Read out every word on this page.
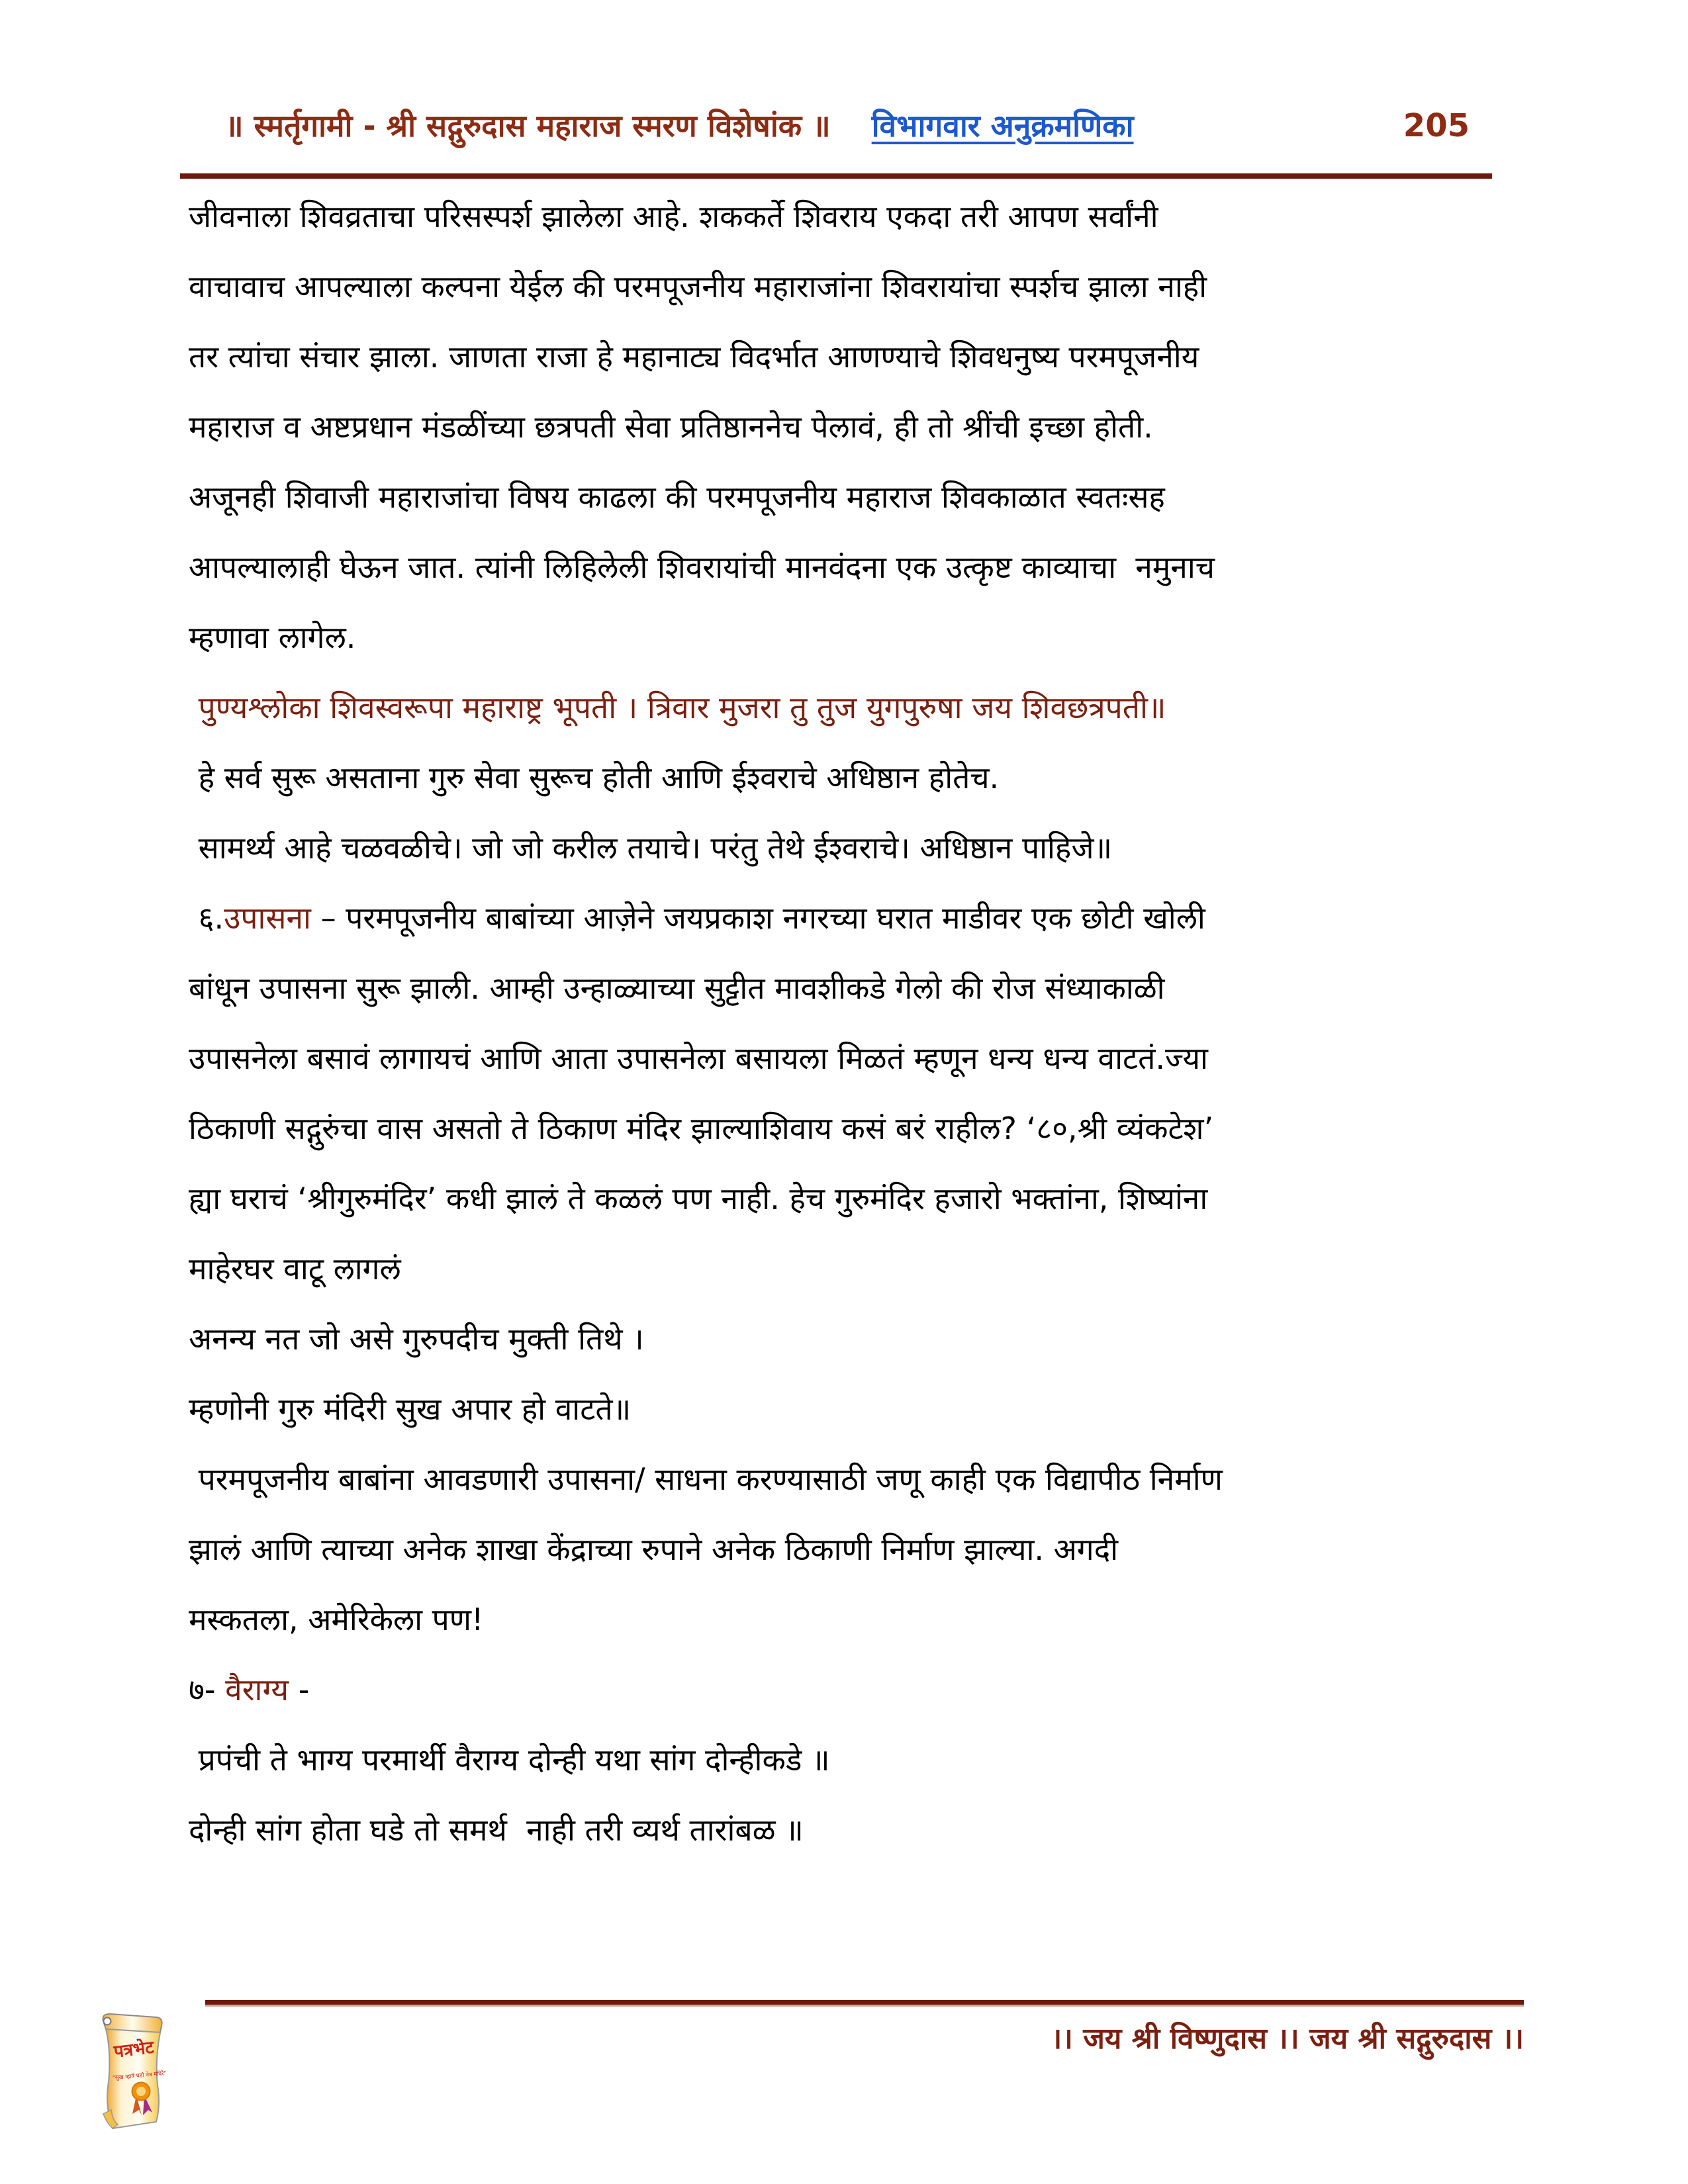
॥ स्मर्तृगामी - श्री सद्गुरुदास महाराज स्मरण विशेषांक ॥ विभागवार अनुक्रमणिका	205
जीवनाला शिवव्रताचा परिसस्पर्श झालेला आहे. शककर्ते शिवराय एकदा तरी आपण सर्वांनी
वाचावाच आपल्याला कल्पना येईल की परमपूजनीय महाराजांना शिवरायांचा स्पर्शच झाला नाही
तर त्यांचा संचार झाला. जाणता राजा हे महानाट्य विदर्भात आणण्याचे शिवधनुष्य परमपूजनीय
महाराज व अष्टप्रधान मंडळींच्या छत्रपती सेवा प्रतिष्ठाननेच पेलावं, ही तो श्रींची इच्छा होती.
अजूनही शिवाजी महाराजांचा विषय काढला की परमपूजनीय महाराज शिवकाळात स्वतःसह
आपल्यालाही घेऊन जात. त्यांनी लिहिलेली शिवरायांची मानवंदना एक उत्कृष्ट काव्याचा  नमुनाच
म्हणावा लागेल.
पुण्यश्लोका शिवस्वरूपा महाराष्ट्र भूपती । त्रिवार मुजरा तु तुज युगपुरुषा जय शिवछत्रपती॥
हे सर्व सुरू असताना गुरु सेवा सुरूच होती आणि ईश्वराचे अधिष्ठान होतेच.
सामर्थ्य आहे चळवळीचे। जो जो करील तयाचे। परंतु तेथे ईश्वराचे। अधिष्ठान पाहिजे॥
६.उपासना – परमपूजनीय बाबांच्या आज़ेने जयप्रकाश नगरच्या घरात माडीवर एक छोटी खोली
बांधून उपासना सुरू झाली. आम्ही उन्हाळ्याच्या सुट्टीत मावशीकडे गेलो की रोज संध्याकाळी
उपासनेला बसावं लागायचं आणि आता उपासनेला बसायला मिळतं म्हणून धन्य धन्य वाटतं.ज्या
ठिकाणी सद्गुरुंचा वास असतो ते ठिकाण मंदिर झाल्याशिवाय कसं बरं राहील? ‘८०,श्री व्यंकटेश’
ह्या घराचं ‘श्रीगुरुमंदिर’ कधी झालं ते कळलं पण नाही. हेच गुरुमंदिर हजारो भक्तांना, शिष्यांना
माहेरघर वाटू लागलं
अनन्य नत जो असे गुरुपदीच मुक्ती तिथे ।
म्हणोनी गुरु मंदिरी सुख अपार हो वाटते॥
परमपूजनीय बाबांना आवडणारी उपासना/ साधना करण्यासाठी जणू काही एक विद्यापीठ निर्माण
झालं आणि त्याच्या अनेक शाखा केंद्राच्या रुपाने अनेक ठिकाणी निर्माण झाल्या. अगदी
मस्कतला, अमेरिकेला पण!
७- वैराग्य -
प्रपंची ते भाग्य परमार्थी वैराग्य दोन्ही यथा सांग दोन्हीकडे ॥
दोन्ही सांग होता घडे तो समर्थ  नाही तरी व्यर्थ तारांबळ ॥
।। जय श्री विष्णुदास ।। जय श्री सद्गुरुदास ।।
पत्रभेट
"सुख व्हावे घडो नेत्र मंदिरे"
